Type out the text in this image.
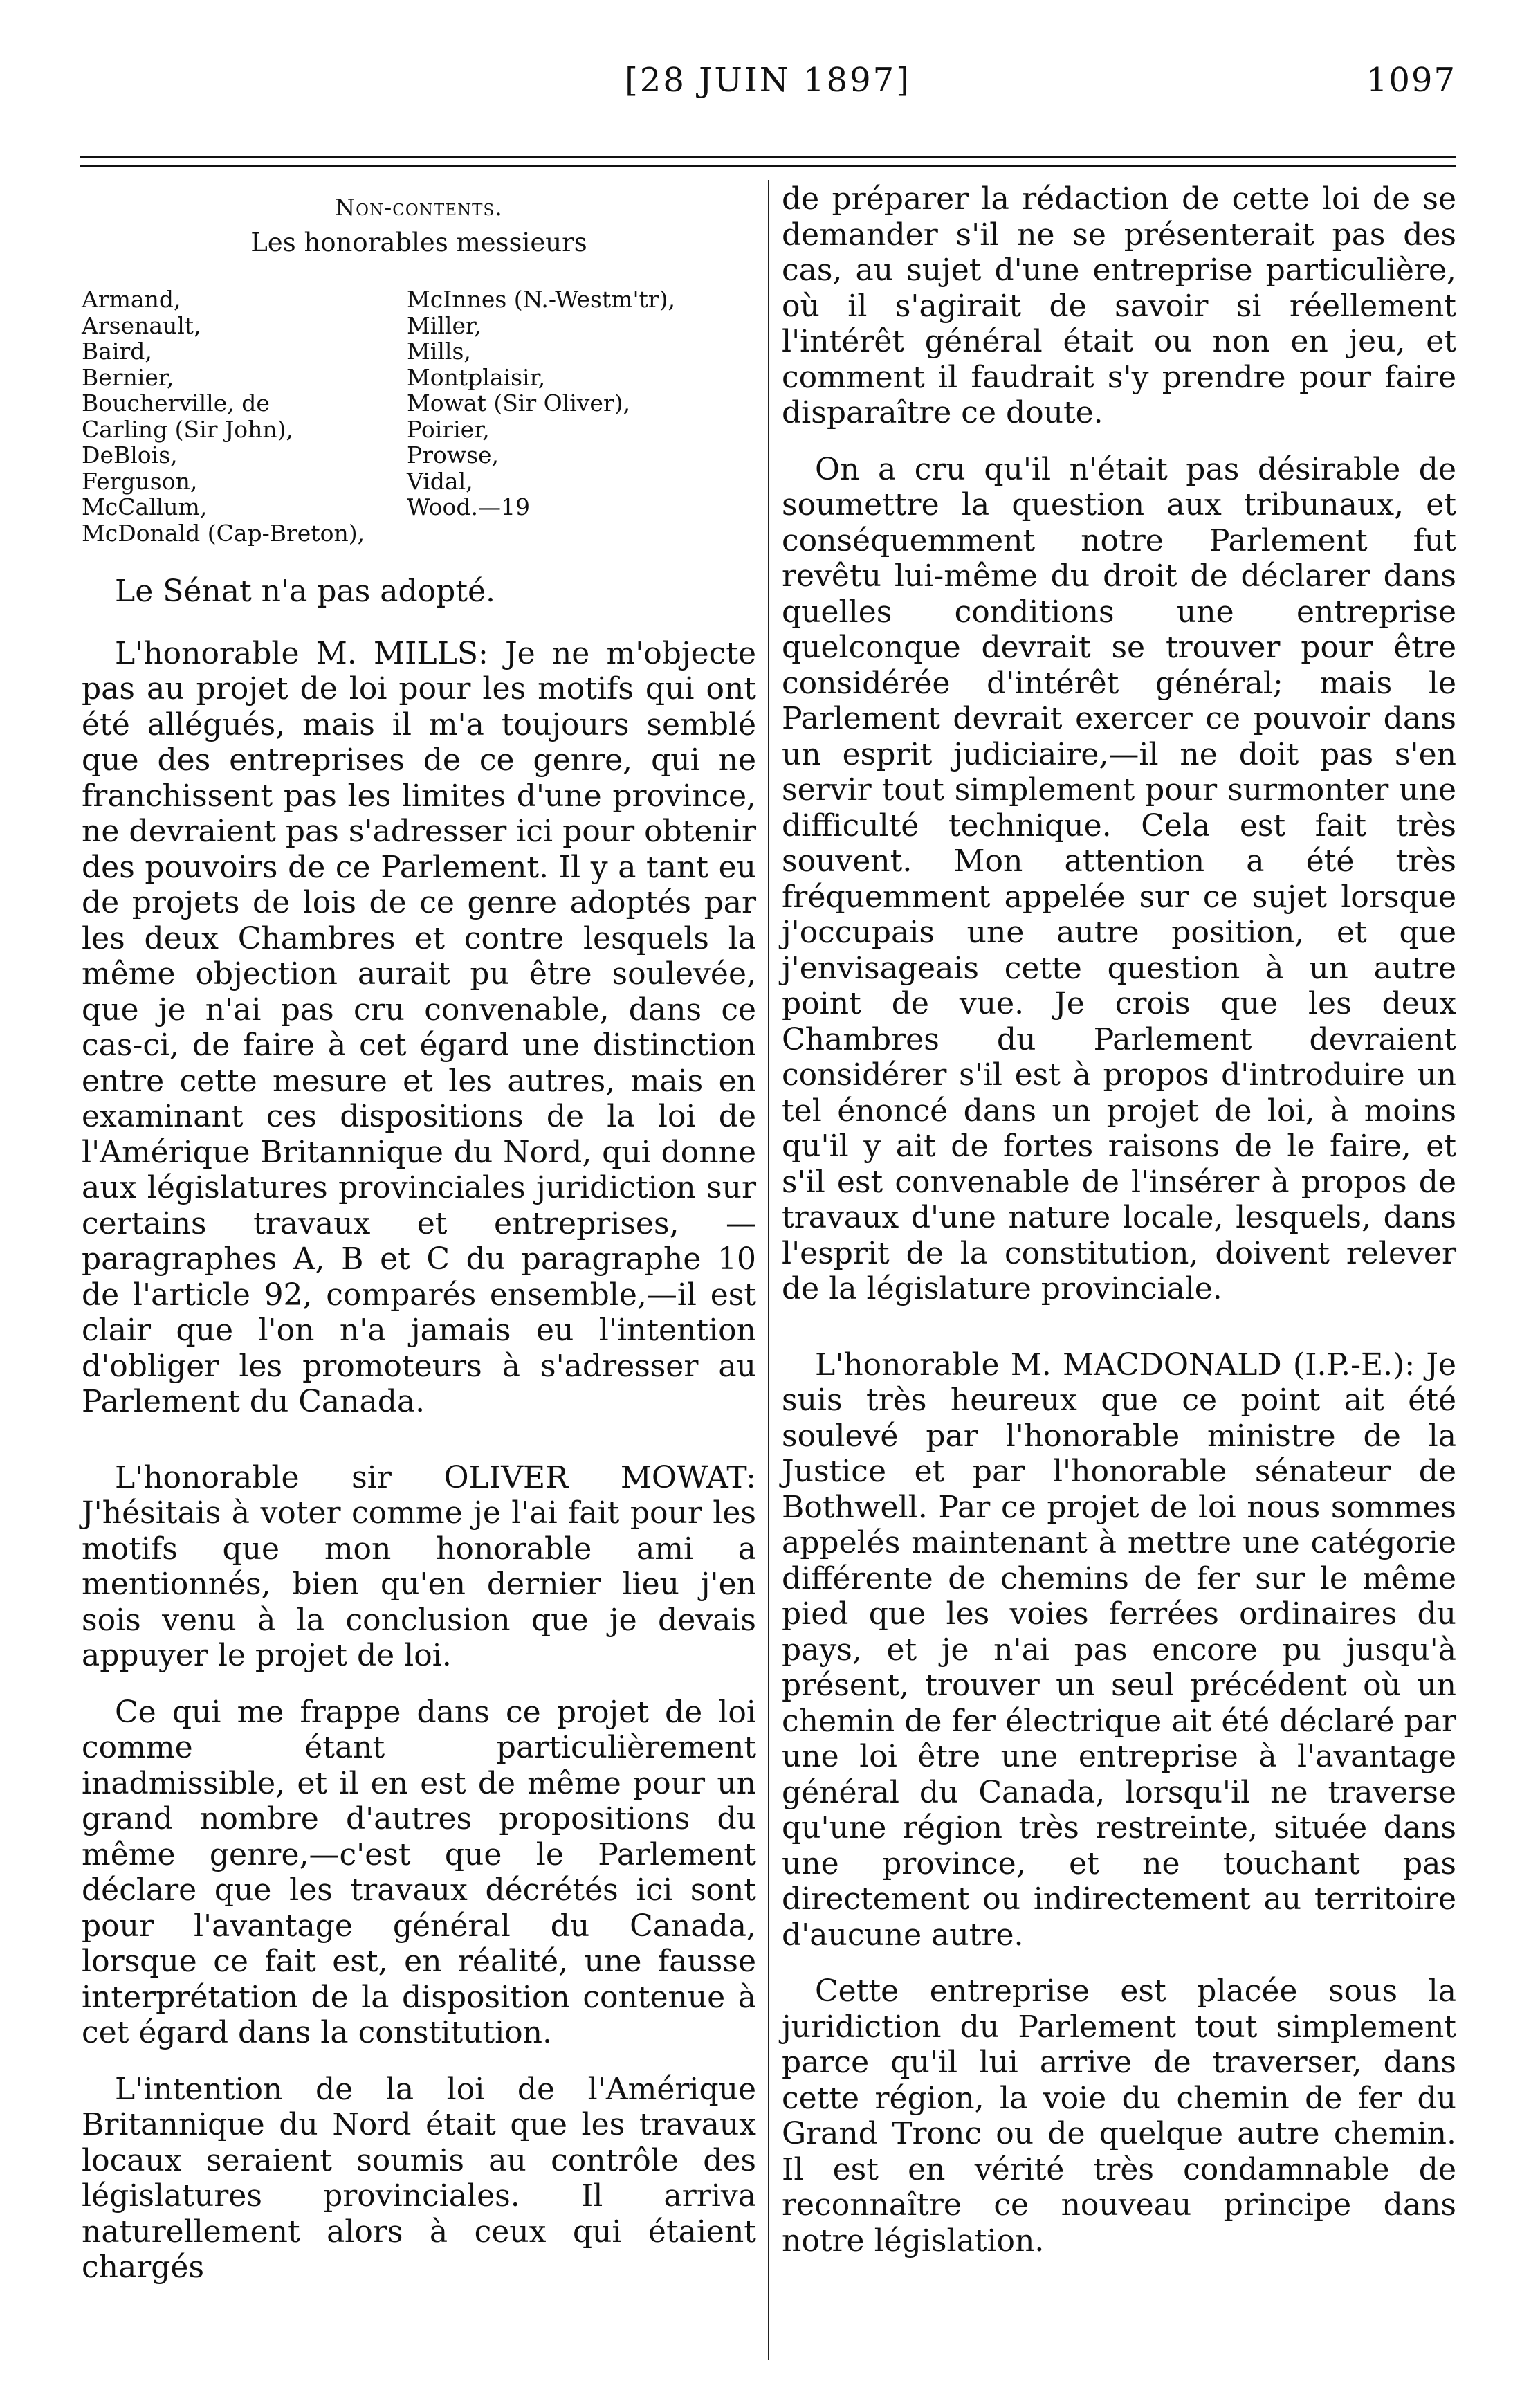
[28 JUIN 1897]	1097
Non-contents.
Les honorables messieurs
Armand,
Arsenault,
Baird,
Bernier,
Boucherville, de
Carling (Sir John),
DeBlois,
Ferguson,
McCallum,
McDonald (Cap-Breton),
McInnes (N.-Westm'tr),
Miller,
Mills,
Montplaisir,
Mowat (Sir Oliver),
Poirier,
Prowse,
Vidal,
Wood.—19

Le Sénat n'a pas adopté.

L'honorable M. MILLS: Je ne m'objecte pas au projet de loi pour les motifs qui ont été allégués, mais il m'a toujours semblé que des entreprises de ce genre, qui ne franchissent pas les limites d'une province, ne devraient pas s'adresser ici pour obtenir des pouvoirs de ce Parlement. Il y a tant eu de projets de lois de ce genre adoptés par les deux Chambres et contre lesquels la même objection aurait pu être soulevée, que je n'ai pas cru convenable, dans ce cas-ci, de faire à cet égard une distinction entre cette mesure et les autres, mais en examinant ces dispositions de la loi de l'Amérique Britannique du Nord, qui donne aux législatures provinciales juridiction sur certains travaux et entreprises, —paragraphes A, B et C du paragraphe 10 de l'article 92, comparés ensemble,—il est clair que l'on n'a jamais eu l'intention d'obliger les promoteurs à s'adresser au Parlement du Canada.

L'honorable sir OLIVER MOWAT: J'hésitais à voter comme je l'ai fait pour les motifs que mon honorable ami a mentionnés, bien qu'en dernier lieu j'en sois venu à la conclusion que je devais appuyer le projet de loi.

Ce qui me frappe dans ce projet de loi comme étant particulièrement inadmissible, et il en est de même pour un grand nombre d'autres propositions du même genre,—c'est que le Parlement déclare que les travaux décrétés ici sont pour l'avantage général du Canada, lorsque ce fait est, en réalité, une fausse interprétation de la disposition contenue à cet égard dans la constitution.

L'intention de la loi de l'Amérique Britannique du Nord était que les travaux locaux seraient soumis au contrôle des législatures provinciales. Il arriva naturellement alors à ceux qui étaient chargés

de préparer la rédaction de cette loi de se demander s'il ne se présenterait pas des cas, au sujet d'une entreprise particulière, où il s'agirait de savoir si réellement l'intérêt général était ou non en jeu, et comment il faudrait s'y prendre pour faire disparaître ce doute.

On a cru qu'il n'était pas désirable de soumettre la question aux tribunaux, et conséquemment notre Parlement fut revêtu lui-même du droit de déclarer dans quelles conditions une entreprise quelconque devrait se trouver pour être considérée d'intérêt général; mais le Parlement devrait exercer ce pouvoir dans un esprit judiciaire,—il ne doit pas s'en servir tout simplement pour surmonter une difficulté technique. Cela est fait très souvent. Mon attention a été très fréquemment appelée sur ce sujet lorsque j'occupais une autre position, et que j'envisageais cette question à un autre point de vue. Je crois que les deux Chambres du Parlement devraient considérer s'il est à propos d'introduire un tel énoncé dans un projet de loi, à moins qu'il y ait de fortes raisons de le faire, et s'il est convenable de l'insérer à propos de travaux d'une nature locale, lesquels, dans l'esprit de la constitution, doivent relever de la législature provinciale.

L'honorable M. MACDONALD (I.P.-E.): Je suis très heureux que ce point ait été soulevé par l'honorable ministre de la Justice et par l'honorable sénateur de Bothwell. Par ce projet de loi nous sommes appelés maintenant à mettre une catégorie différente de chemins de fer sur le même pied que les voies ferrées ordinaires du pays, et je n'ai pas encore pu jusqu'à présent, trouver un seul précédent où un chemin de fer électrique ait été déclaré par une loi être une entreprise à l'avantage général du Canada, lorsqu'il ne traverse qu'une région très restreinte, située dans une province, et ne touchant pas directement ou indirectement au territoire d'aucune autre.

Cette entreprise est placée sous la juridiction du Parlement tout simplement parce qu'il lui arrive de traverser, dans cette région, la voie du chemin de fer du Grand Tronc ou de quelque autre chemin. Il est en vérité très condamnable de reconnaître ce nouveau principe dans notre législation.
